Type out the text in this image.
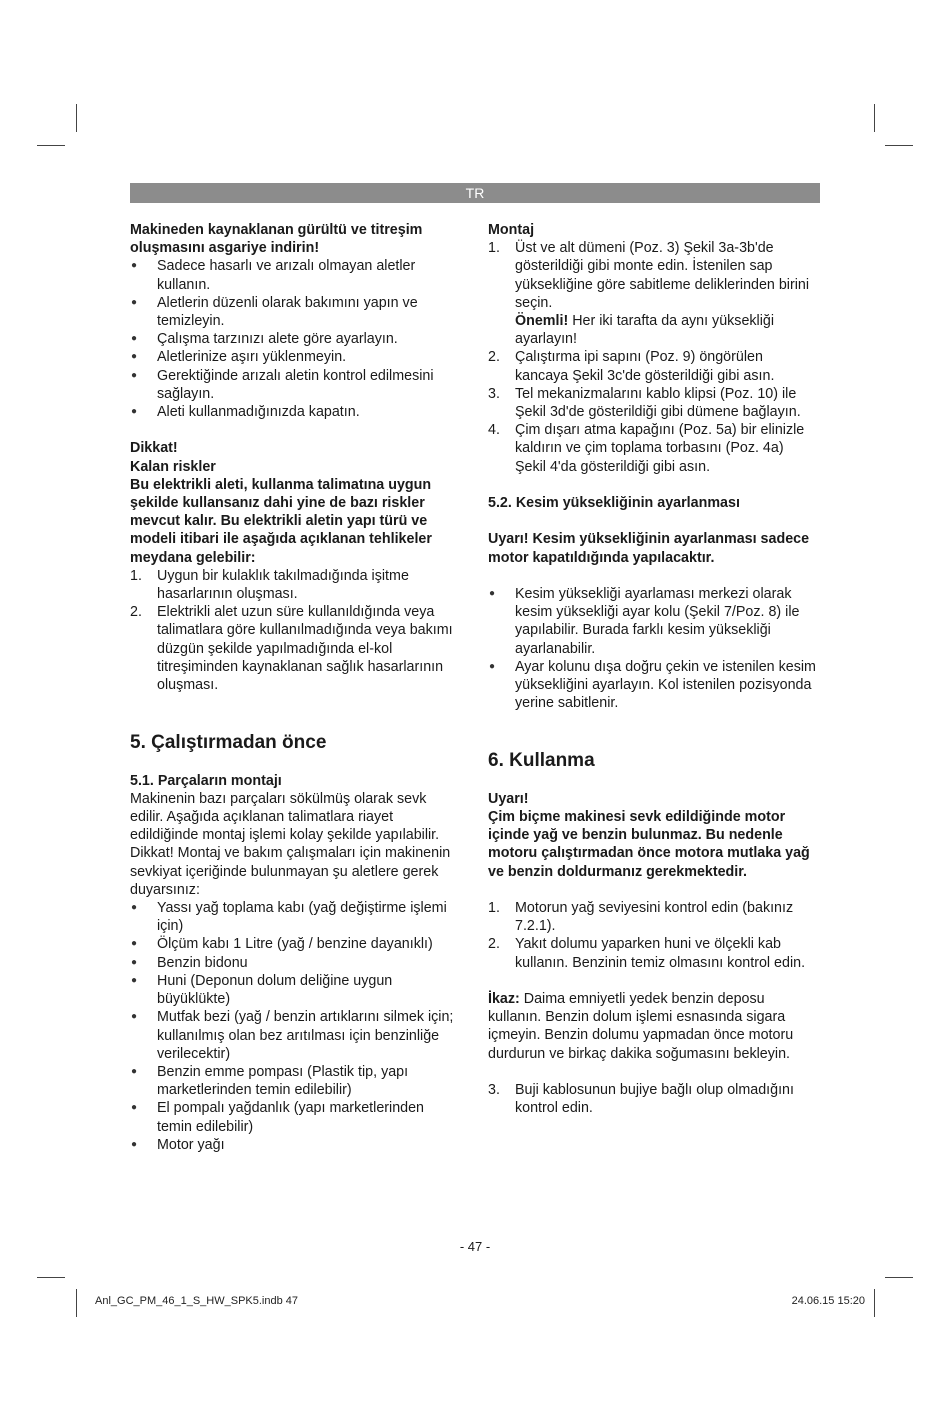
TR

Makineden kaynaklanan gürültü ve titreşim oluşmasını asgariye indirin!

● Sadece hasarlı ve arızalı olmayan aletler kullanın.
● Aletlerin düzenli olarak bakımını yapın ve temizleyin.
● Çalışma tarzınızı alete göre ayarlayın.
● Aletlerinize aşırı yüklenmeyin.
● Gerektiğinde arızalı aletin kontrol edilmesini sağlayın.
● Aleti kullanmadığınızda kapatın.

Dikkat!

Kalan riskler

Bu elektrikli aleti, kullanma talimatına uygun şekilde kullansanız dahi yine de bazı riskler mevcut kalır. Bu elektrikli aletin yapı türü ve modeli itibari ile aşağıda açıklanan tehlikeler meydana gelebilir:

1. Uygun bir kulaklık takılmadığında işitme hasarlarının oluşması.
2. Elektrikli alet uzun süre kullanıldığında veya talimatlara göre kullanılmadığında veya bakımı düzgün şekilde yapılmadığında el-kol titreşiminden kaynaklanan sağlık hasarlarının oluşması.

5. Çalıştırmadan önce

5.1. Parçaların montajı

Makinenin bazı parçaları sökülmüş olarak sevk edilir. Aşağıda açıklanan talimatlara riayet edildiğinde montaj işlemi kolay şekilde yapılabilir. Dikkat! Montaj ve bakım çalışmaları için makinenin sevkiyat içeriğinde bulunmayan şu aletlere gerek duyarsınız:

● Yassı yağ toplama kabı (yağ değiştirme işlemi için)
● Ölçüm kabı 1 Litre (yağ / benzine dayanıklı)
● Benzin bidonu
● Huni (Deponun dolum deliğine uygun büyüklükte)
● Mutfak bezi (yağ / benzin artıklarını silmek için; kullanılmış olan bez arıtılması için benzinliğe verilecektir)
● Benzin emme pompası (Plastik tip, yapı marketlerinden temin edilebilir)
● El pompalı yağdanlık (yapı marketlerinden temin edilebilir)
● Motor yağı

Montaj

1. Üst ve alt dümeni (Poz. 3) Şekil 3a-3b'de gösterildiği gibi monte edin. İstenilen sap yüksekliğine göre sabitleme deliklerinden birini seçin.
Önemli! Her iki tarafta da aynı yüksekliği ayarlayın!
2. Çalıştırma ipi sapını (Poz. 9) öngörülen kancaya Şekil 3c'de gösterildiği gibi asın.
3. Tel mekanizmalarını kablo klipsi (Poz. 10) ile Şekil 3d'de gösterildiği gibi dümene bağlayın.
4. Çim dışarı atma kapağını (Poz. 5a) bir elinizle kaldırın ve çim toplama torbasını (Poz. 4a) Şekil 4'da gösterildiği gibi asın.

5.2. Kesim yüksekliğinin ayarlanması

Uyarı! Kesim yüksekliğinin ayarlanması sadece motor kapatıldığında yapılacaktır.

● Kesim yüksekliği ayarlaması merkezi olarak kesim yüksekliği ayar kolu (Şekil 7/Poz. 8) ile yapılabilir. Burada farklı kesim yüksekliği ayarlanabilir.
● Ayar kolunu dışa doğru çekin ve istenilen kesim yüksekliğini ayarlayın. Kol istenilen pozisyonda yerine sabitlenir.

6. Kullanma

Uyarı!

Çim biçme makinesi sevk edildiğinde motor içinde yağ ve benzin bulunmaz. Bu nedenle motoru çalıştırmadan önce motora mutlaka yağ ve benzin doldurmanız gerekmektedir.

1. Motorun yağ seviyesini kontrol edin (bakınız 7.2.1).
2. Yakıt dolumu yaparken huni ve ölçekli kab kullanın. Benzinin temiz olmasını kontrol edin.

İkaz: Daima emniyetli yedek benzin deposu kullanın. Benzin dolum işlemi esnasında sigara içmeyin. Benzin dolumu yapmadan önce motoru durdurun ve birkaç dakika soğumasını bekleyin.

3. Buji kablosunun bujiye bağlı olup olmadığını kontrol edin.
- 47 -
Anl_GC_PM_46_1_S_HW_SPK5.indb 47	24.06.15 15:20
